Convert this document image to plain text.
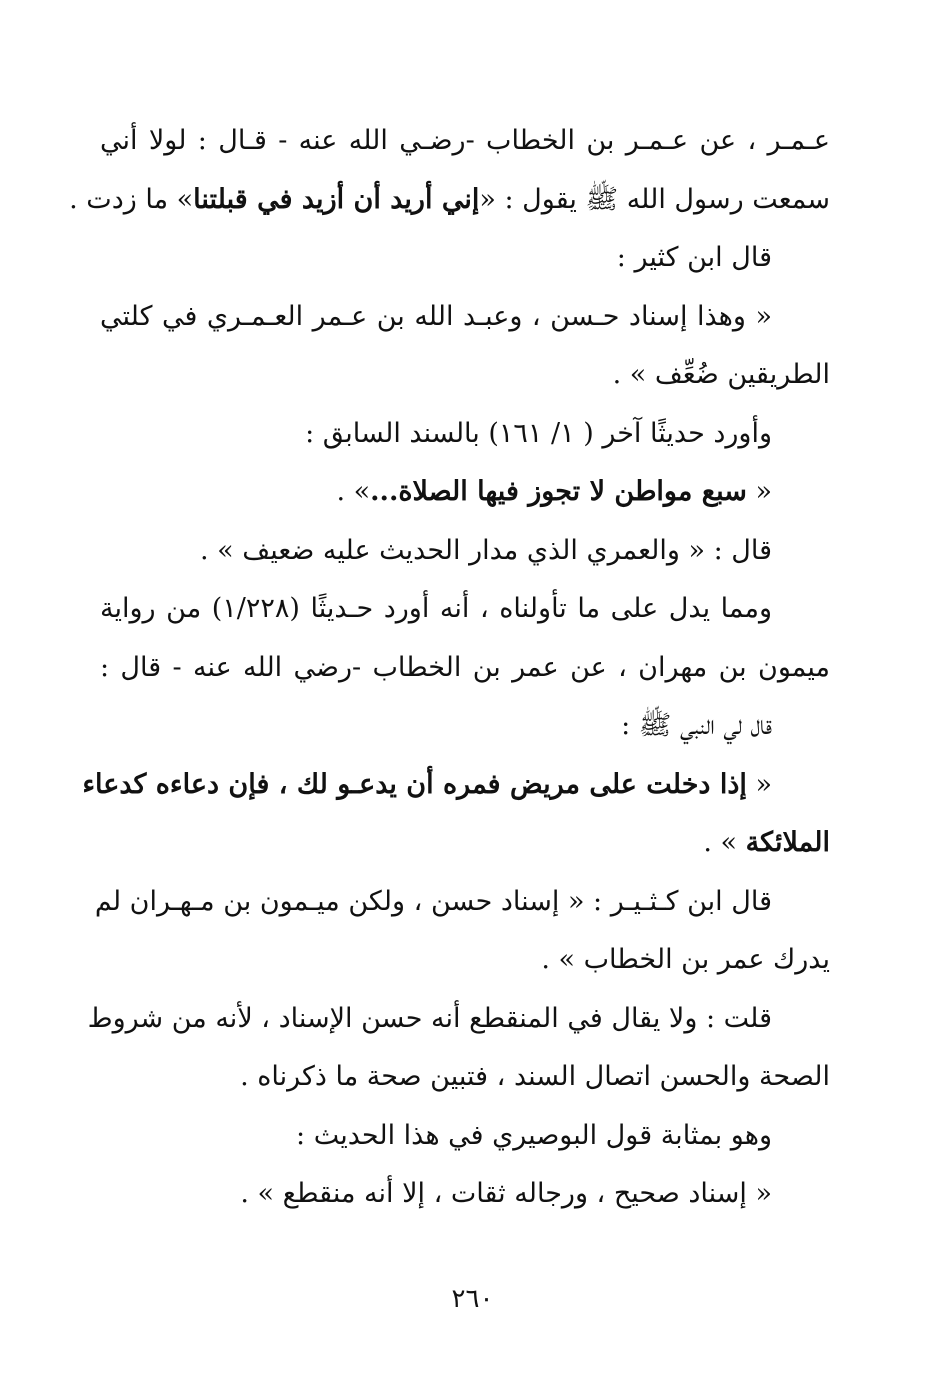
عـمـر ، عن عـمـر بن الخطاب -رضـي الله عنه - قـال : لولا أني
سمعت رسول الله ﷺ يقول : «إني أريد أن أزيد في قبلتنا» ما زدت .
قال ابن كثير :
« وهذا إسناد حـسن ، وعبـد الله بن عـمر العـمـري في كلتي
الطريقين ضُعِّف » .
وأورد حديثًا آخر ( ١/ ١٦١) بالسند السابق :
« سبع مواطن لا تجوز فيها الصلاة...» .
قال : « والعمري الذي مدار الحديث عليه ضعيف » .
ومما يدل على ما تأولناه ، أنه أورد حـديثًا (١/٢٢٨) من رواية
ميمون بن مهران ، عن عمر بن الخطاب -رضي الله عنه - قال :
قال لي النبي ﷺ :
« إذا دخلت على مريض فمره أن يدعـو لك ، فإن دعاءه كدعاء
الملائكة » .
قال ابن كـثـيـر : « إسناد حسن ، ولكن ميـمون بن مـهـران لم
يدرك عمر بن الخطاب » .
قلت : ولا يقال في المنقطع أنه حسن الإسناد ، لأنه من شروط
الصحة والحسن اتصال السند ، فتبين صحة ما ذكرناه .
وهو بمثابة قول البوصيري في هذا الحديث :
« إسناد صحيح ، ورجاله ثقات ، إلا أنه منقطع » .
٢٦٠
